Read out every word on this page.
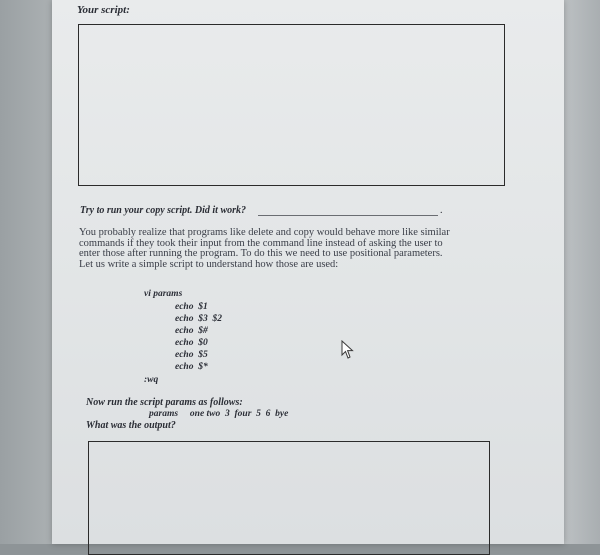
Your script:
Try to run your copy script. Did it work?	.
You probably realize that programs like delete and copy would behave more like similar
commands if they took their input from the command line instead of asking the user to
enter those after running the program. To do this we need to use positional parameters.
Let us write a simple script to understand how those are used:
vi params
echo  $1
echo  $3  $2
echo  $#
echo  $0
echo  $5
echo  $*
:wq
Now run the script params as follows:
params     one two  3  four  5  6  bye
What was the output?
